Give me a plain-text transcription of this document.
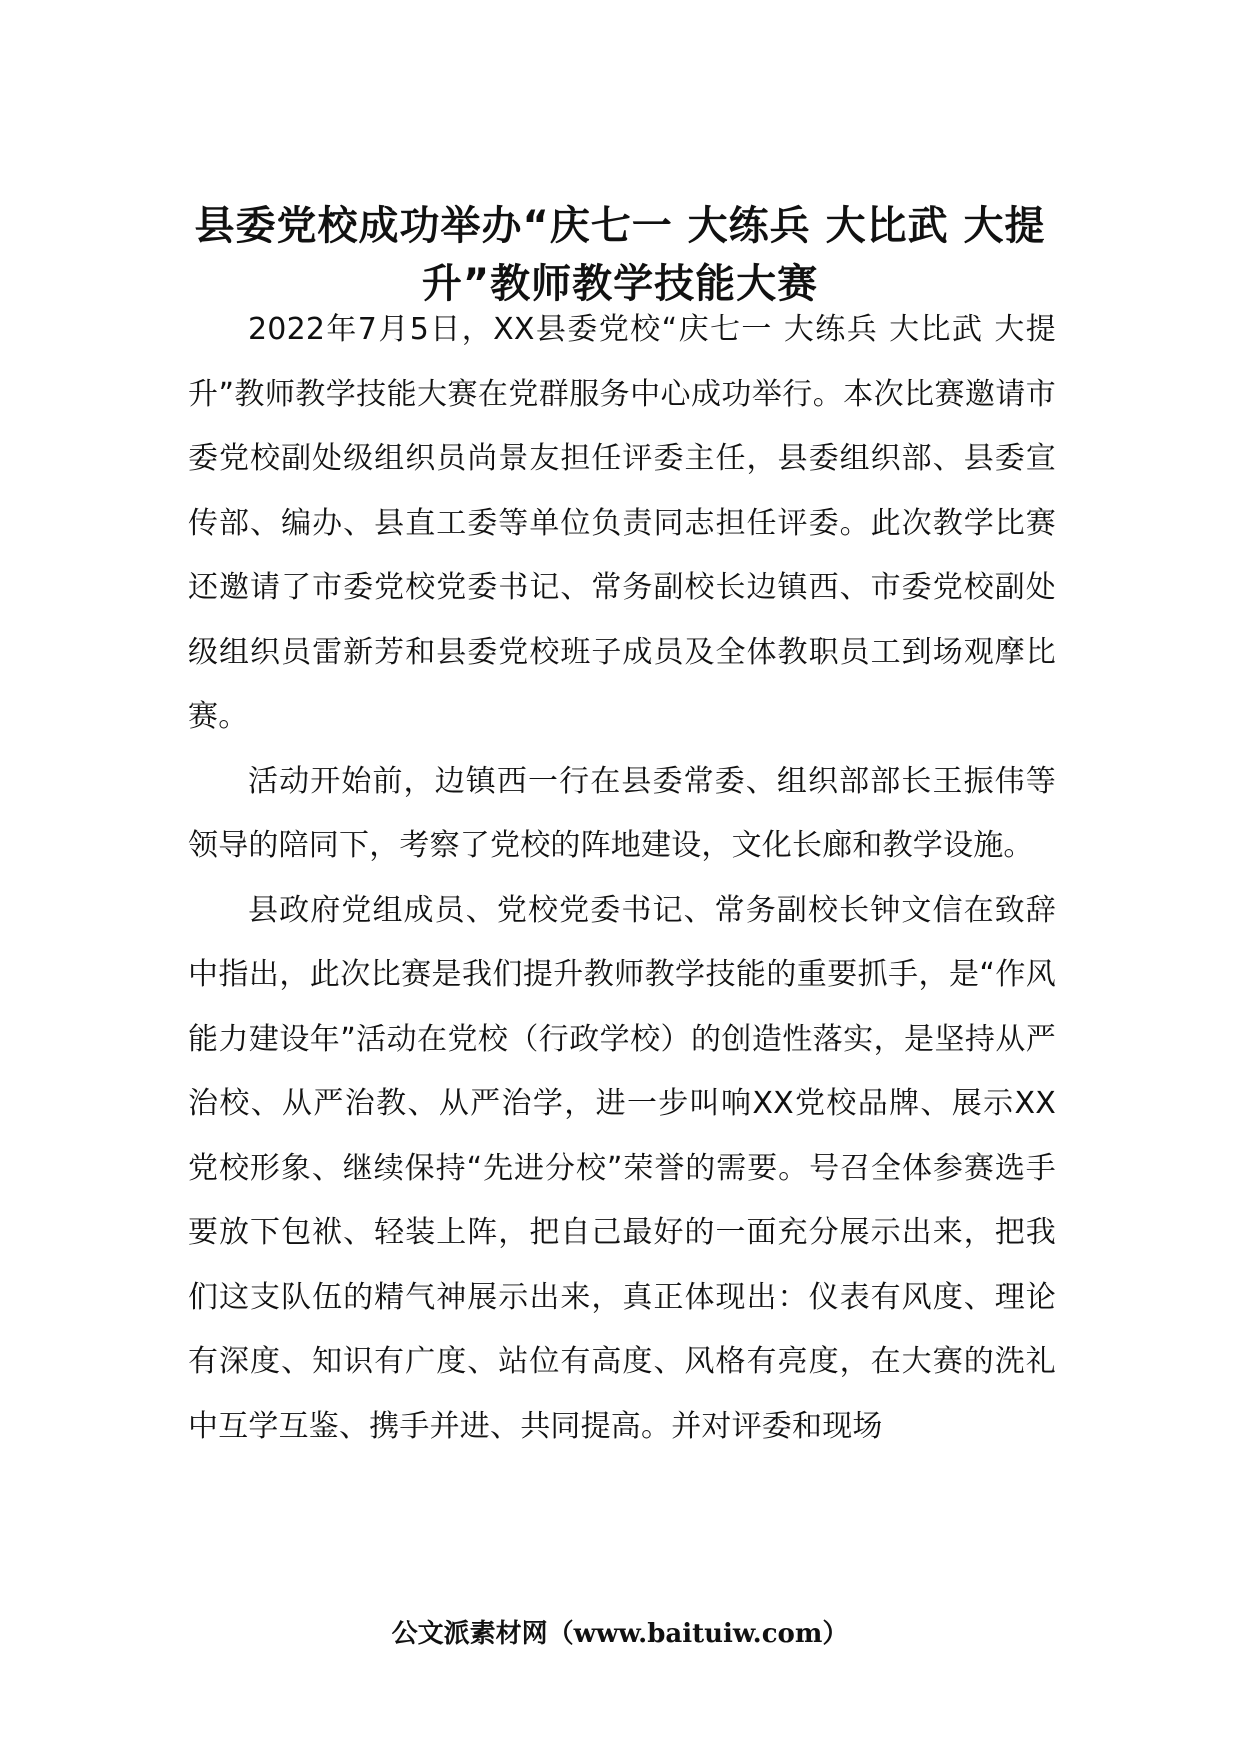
县委党校成功举办“庆七一 大练兵 大比武 大提升”教师教学技能大赛

2022年7月5日，XX县委党校“庆七一 大练兵 大比武 大提升”教师教学技能大赛在党群服务中心成功举行。本次比赛邀请市委党校副处级组织员尚景友担任评委主任，县委组织部、县委宣传部、编办、县直工委等单位负责同志担任评委。此次教学比赛还邀请了市委党校党委书记、常务副校长边镇西、市委党校副处级组织员雷新芳和县委党校班子成员及全体教职员工到场观摩比赛。

活动开始前，边镇西一行在县委常委、组织部部长王振伟等领导的陪同下，考察了党校的阵地建设，文化长廊和教学设施。

县政府党组成员、党校党委书记、常务副校长钟文信在致辞中指出，此次比赛是我们提升教师教学技能的重要抓手，是“作风能力建设年”活动在党校（行政学校）的创造性落实，是坚持从严治校、从严治教、从严治学，进一步叫响XX党校品牌、展示XX党校形象、继续保持“先进分校”荣誉的需要。号召全体参赛选手要放下包袱、轻装上阵，把自己最好的一面充分展示出来，把我们这支队伍的精气神展示出来，真正体现出：仪表有风度、理论有深度、知识有广度、站位有高度、风格有亮度，在大赛的洗礼中互学互鉴、携手并进、共同提高。并对评委和现场

公文派素材网（www.baituiw.com）
